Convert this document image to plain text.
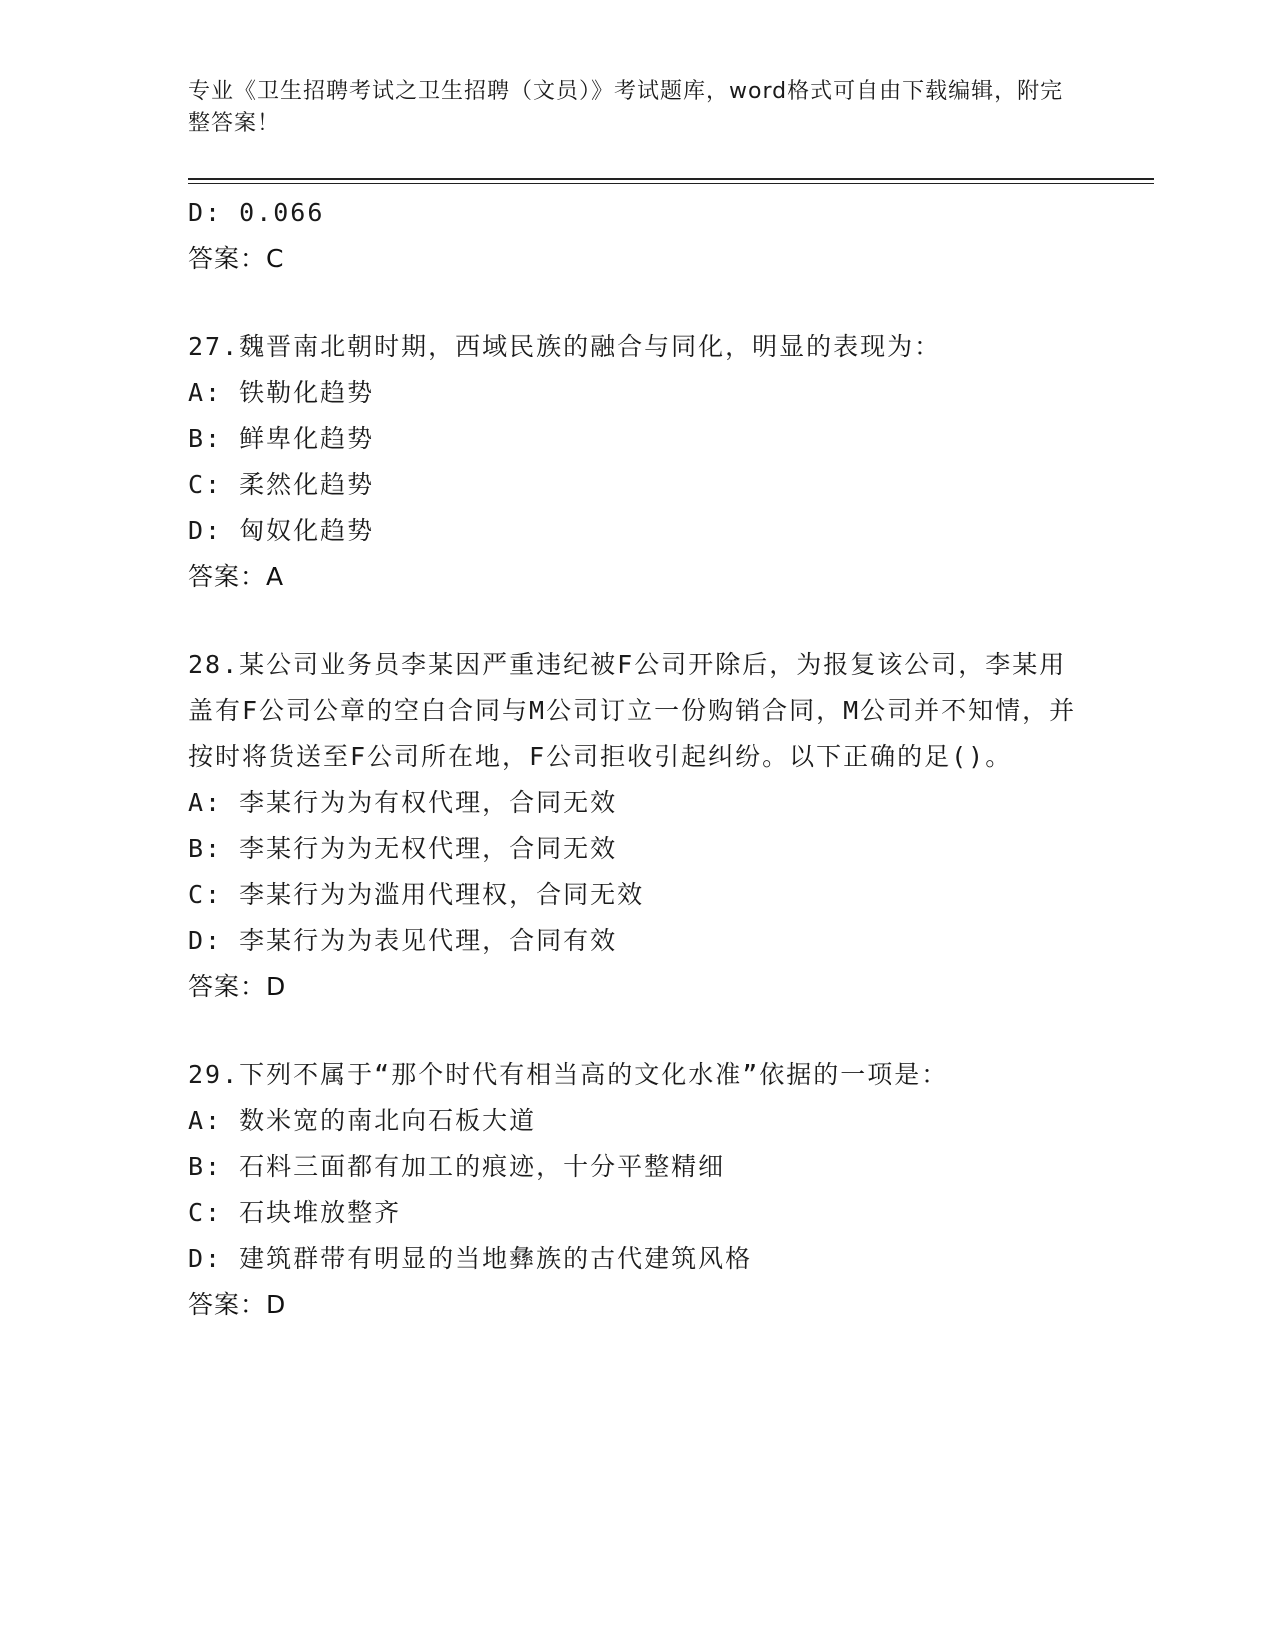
专业《卫生招聘考试之卫生招聘（文员）》考试题库，word格式可自由下载编辑，附完整答案！
D: 0.066
答案：C
27.魏晋南北朝时期，西域民族的融合与同化，明显的表现为：
A: 铁勒化趋势
B: 鲜卑化趋势
C: 柔然化趋势
D: 匈奴化趋势
答案：A
28.某公司业务员李某因严重违纪被F公司开除后，为报复该公司，李某用盖有F公司公章的空白合同与M公司订立一份购销合同，M公司并不知情，并按时将货送至F公司所在地，F公司拒收引起纠纷。以下正确的足()。
A: 李某行为为有权代理，合同无效
B: 李某行为为无权代理，合同无效
C: 李某行为为滥用代理权，合同无效
D: 李某行为为表见代理，合同有效
答案：D
29.下列不属于“那个时代有相当高的文化水准”依据的一项是：
A: 数米宽的南北向石板大道
B: 石料三面都有加工的痕迹，十分平整精细
C: 石块堆放整齐
D: 建筑群带有明显的当地彝族的古代建筑风格
答案：D
